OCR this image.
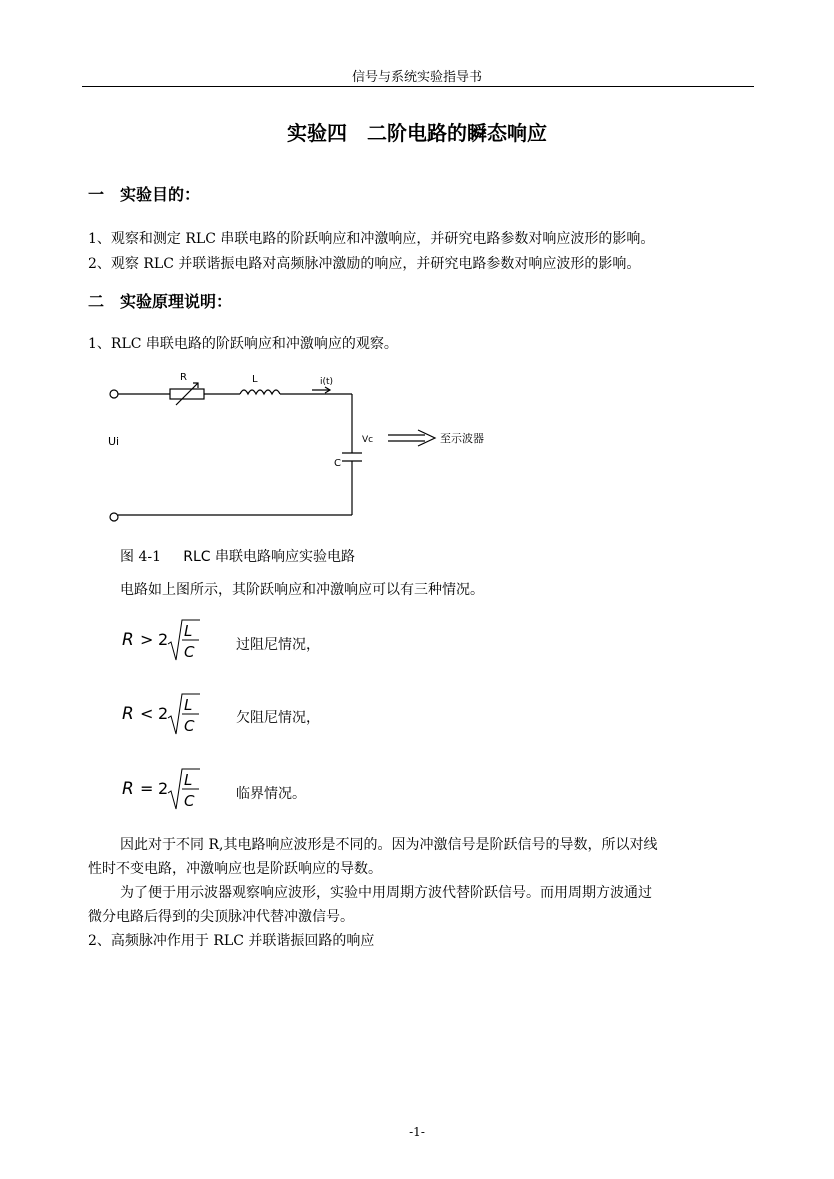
信号与系统实验指导书
实验四　二阶电路的瞬态响应
一　实验目的：
1、观察和测定 RLC 串联电路的阶跃响应和冲激响应，并研究电路参数对响应波形的影响。
2、观察 RLC 并联谐振电路对高频脉冲激励的响应，并研究电路参数对响应波形的影响。
二　实验原理说明：
1、RLC 串联电路的阶跃响应和冲激响应的观察。
R	L	i(t)
Ui	Vc
C
至示波器
图 4-1 RLC 串联电路响应实验电路
电路如上图所示，其阶跃响应和冲激响应可以有三种情况。
R > 2 L
C	过阻尼情况，
R < 2 L
C	欠阻尼情况，
R = 2 L
C	临界情况。
因此对于不同 R,其电路响应波形是不同的。因为冲激信号是阶跃信号的导数，所以对线
性时不变电路，冲激响应也是阶跃响应的导数。
为了便于用示波器观察响应波形，实验中用周期方波代替阶跃信号。而用周期方波通过
微分电路后得到的尖顶脉冲代替冲激信号。
2、高频脉冲作用于 RLC 并联谐振回路的响应
-1-
